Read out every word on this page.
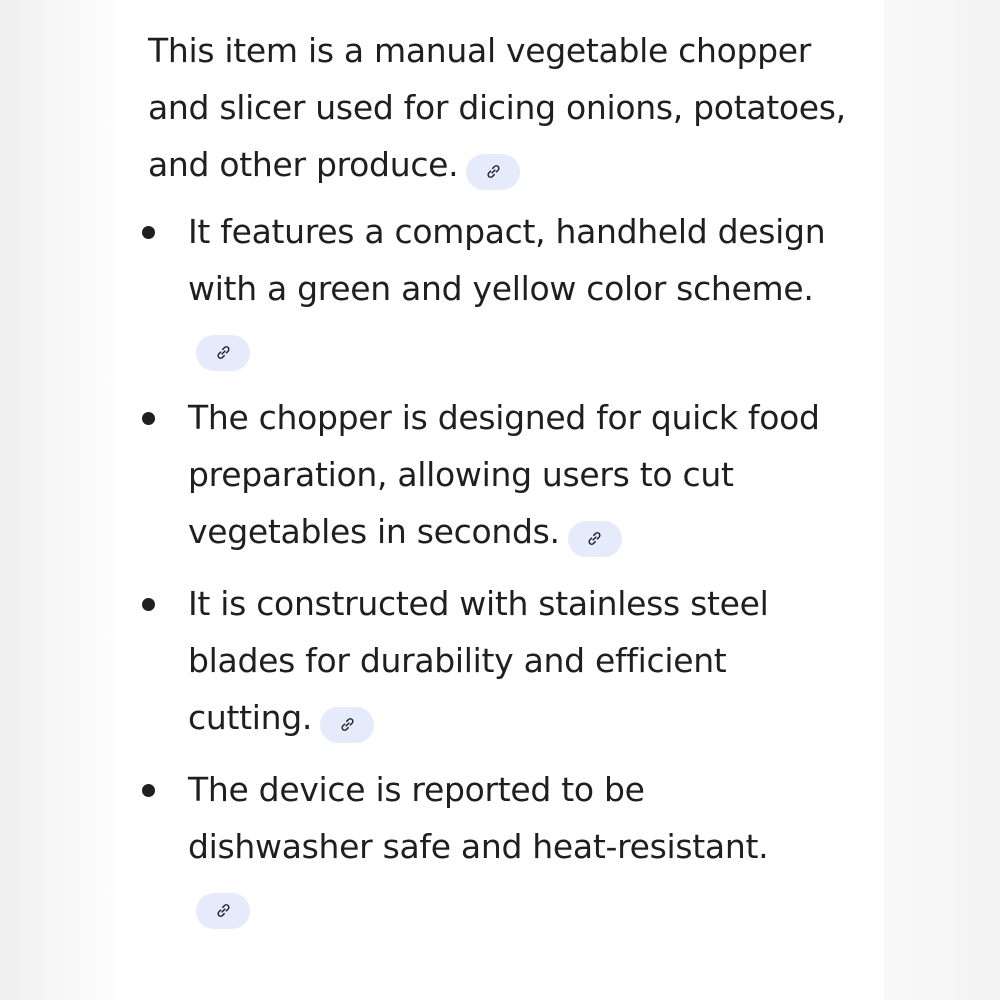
This item is a manual vegetable chopper and slicer used for dicing onions, potatoes, and other produce.

It features a compact, handheld design with a green and yellow color scheme.
The chopper is designed for quick food preparation, allowing users to cut vegetables in seconds.
It is constructed with stainless steel blades for durability and efficient cutting.
The device is reported to be dishwasher safe and heat-resistant.
